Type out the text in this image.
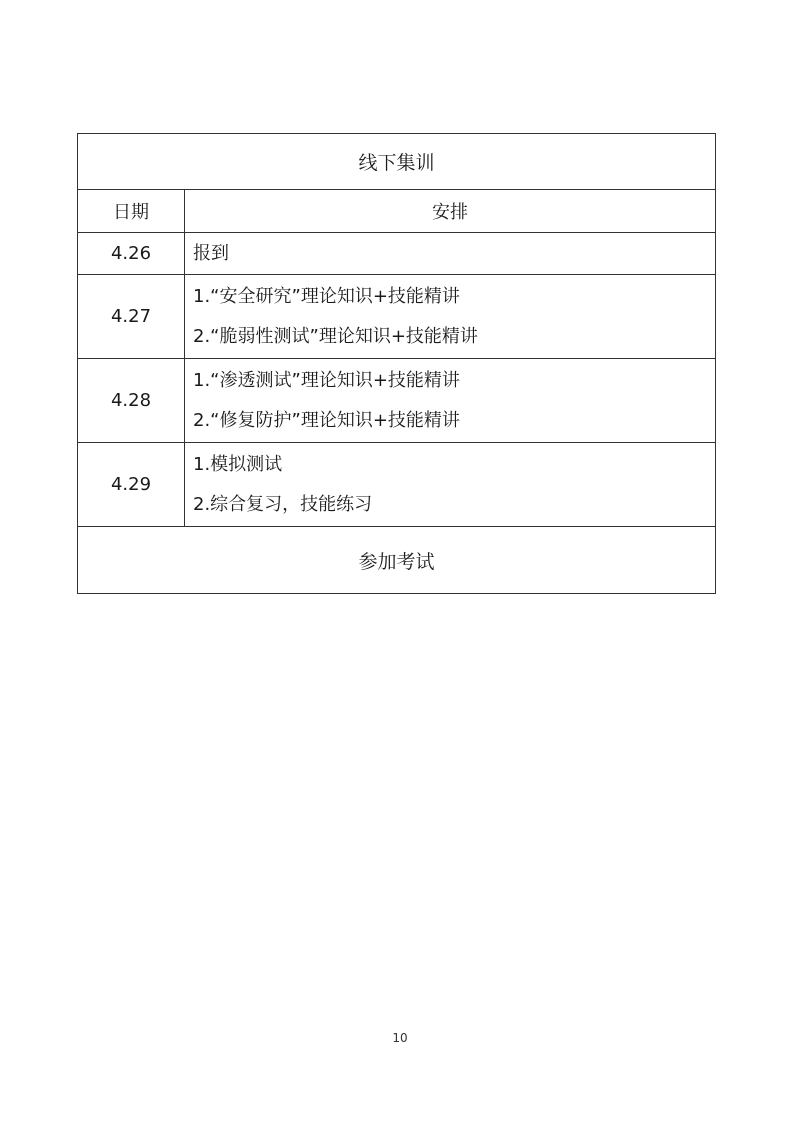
线下集训	
日期	安排
4.26	报到
4.27	1.“安全研究”理论知识+技能精讲
2.“脆弱性测试”理论知识+技能精讲

4.28	1.“渗透测试”理论知识+技能精讲
2.“修复防护”理论知识+技能精讲

4.29	1.模拟测试
2.综合复习，技能练习

参加考试	
10
